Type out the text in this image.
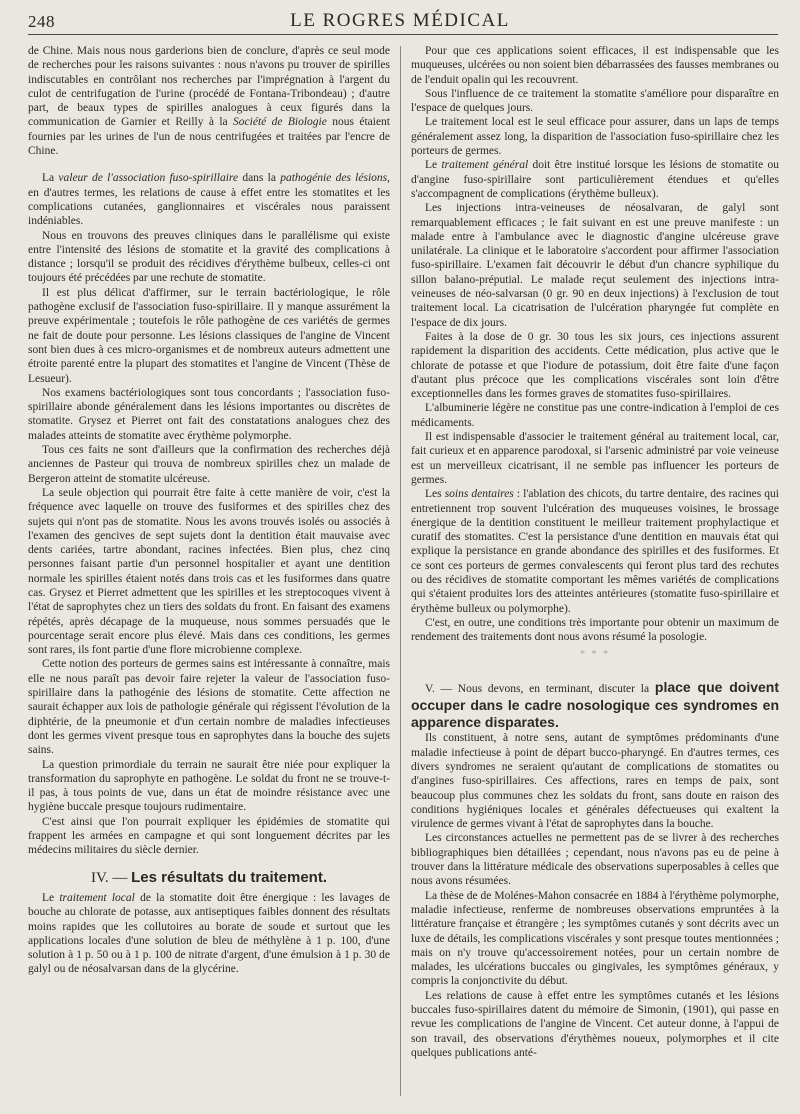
248	LE ROGRES MÉDICAL

de Chine. Mais nous nous garderions bien de conclure, d'après ce seul mode de recherches pour les raisons suivantes : nous n'avons pu trouver de spirilles indiscutables en contrôlant nos recherches par l'imprégnation à l'argent du culot de centrifugation de l'urine (procédé de Fontana-Tribondeau) ; d'autre part, de beaux types de spirilles analogues à ceux figurés dans la communication de Garnier et Reilly à la Société de Biologie nous étaient fournies par les urines de l'un de nous centrifugées et traitées par l'encre de Chine.

La valeur de l'association fuso-spirillaire dans la pathogénie des lésions, en d'autres termes, les relations de cause à effet entre les stomatites et les complications cutanées, ganglionnaires et viscérales nous paraissent indéniables.

Nous en trouvons des preuves cliniques dans le parallélisme qui existe entre l'intensité des lésions de stomatite et la gravité des complications à distance ; lorsqu'il se produit des récidives d'érythème bulbeux, celles-ci ont toujours été précédées par une rechute de stomatite.

Il est plus délicat d'affirmer, sur le terrain bactériologique, le rôle pathogène exclusif de l'association fuso-spirillaire. Il y manque assurément la preuve expérimentale ; toutefois le rôle pathogène de ces variétés de germes ne fait de doute pour personne. Les lésions classiques de l'angine de Vincent sont bien dues à ces micro-organismes et de nombreux auteurs admettent une étroite parenté entre la plupart des stomatites et l'angine de Vincent (Thèse de Lesueur).

Nos examens bactériologiques sont tous concordants ; l'association fuso-spirillaire abonde généralement dans les lésions importantes ou discrètes de stomatite. Grysez et Pierret ont fait des constatations analogues chez des malades atteints de stomatite avec érythème polymorphe.

Tous ces faits ne sont d'ailleurs que la confirmation des recherches déjà anciennes de Pasteur qui trouva de nombreux spirilles chez un malade de Bergeron atteint de stomatite ulcéreuse.

La seule objection qui pourrait être faite à cette manière de voir, c'est la fréquence avec laquelle on trouve des fusiformes et des spirilles chez des sujets qui n'ont pas de stomatite. Nous les avons trouvés isolés ou associés à l'examen des gencives de sept sujets dont la dentition était mauvaise avec dents cariées, tartre abondant, racines infectées. Bien plus, chez cinq personnes faisant partie d'un personnel hospitalier et ayant une dentition normale les spirilles étaient notés dans trois cas et les fusiformes dans quatre cas. Grysez et Pierret admettent que les spirilles et les streptocoques vivent à l'état de saprophytes chez un tiers des soldats du front. En faisant des examens répétés, après décapage de la muqueuse, nous sommes persuadés que le pourcentage serait encore plus élevé. Mais dans ces conditions, les germes sont rares, ils font partie d'une flore microbienne complexe.

Cette notion des porteurs de germes sains est intéressante à connaître, mais elle ne nous paraît pas devoir faire rejeter la valeur de l'association fuso-spirillaire dans la pathogénie des lésions de stomatite. Cette affection ne saurait échapper aux lois de pathologie générale qui régissent l'évolution de la diphtérie, de la pneumonie et d'un certain nombre de maladies infectieuses dont les germes vivent presque tous en saprophytes dans la bouche des sujets sains.

La question primordiale du terrain ne saurait être niée pour expliquer la transformation du saprophyte en pathogène. Le soldat du front ne se trouve-t-il pas, à tous points de vue, dans un état de moindre résistance avec une hygiène buccale presque toujours rudimentaire.

C'est ainsi que l'on pourrait expliquer les épidémies de stomatite qui frappent les armées en campagne et qui sont longuement décrites par les médecins militaires du siècle dernier.

IV. — Les résultats du traitement.

Le traitement local de la stomatite doit être énergique : les lavages de bouche au chlorate de potasse, aux antiseptiques faibles donnent des résultats moins rapides que les collutoires au borate de soude et surtout que les applications locales d'une solution de bleu de méthylène à 1 p. 100, d'une solution à 1 p. 50 ou à 1 p. 100 de nitrate d'argent, d'une émulsion à 1 p. 30 de galyl ou de néosalvarsan dans de la glycérine.

Pour que ces applications soient efficaces, il est indispensable que les muqueuses, ulcérées ou non soient bien débarrassées des fausses membranes ou de l'enduit opalin qui les recouvrent.

Sous l'influence de ce traitement la stomatite s'améliore pour disparaître en l'espace de quelques jours.

Le traitement local est le seul efficace pour assurer, dans un laps de temps généralement assez long, la disparition de l'association fuso-spirillaire chez les porteurs de germes.

Le traitement général doit être institué lorsque les lésions de stomatite ou d'angine fuso-spirillaire sont particulièrement étendues et qu'elles s'accompagnent de complications (érythème bulleux).

Les injections intra-veineuses de néosalvaran, de galyl sont remarquablement efficaces ; le fait suivant en est une preuve manifeste : un malade entre à l'ambulance avec le diagnostic d'angine ulcéreuse grave unilatérale. La clinique et le laboratoire s'accordent pour affirmer l'association fuso-spirillaire. L'examen fait découvrir le début d'un chancre syphilique du sillon balano-préputial. Le malade reçut seulement des injections intra-veineuses de néo-salvarsan (0 gr. 90 en deux injections) à l'exclusion de tout traitement local. La cicatrisation de l'ulcération pharyngée fut complète en l'espace de dix jours.

Faites à la dose de 0 gr. 30 tous les six jours, ces injections assurent rapidement la disparition des accidents. Cette médication, plus active que le chlorate de potasse et que l'iodure de potassium, doit être faite d'une façon d'autant plus précoce que les complications viscérales sont loin d'être exceptionnelles dans les formes graves de stomatites fuso-spirillaires.

L'albuminerie légère ne constitue pas une contre-indication à l'emploi de ces médicaments.

Il est indispensable d'associer le traitement général au traitement local, car, fait curieux et en apparence parodoxal, si l'arsenic administré par voie veineuse est un merveilleux cicatrisant, il ne semble pas influencer les porteurs de germes.

Les soins dentaires : l'ablation des chicots, du tartre dentaire, des racines qui entretiennent trop souvent l'ulcération des muqueuses voisines, le brossage énergique de la dentition constituent le meilleur traitement prophylactique et curatif des stomatites. C'est la persistance d'une dentition en mauvais état qui explique la persistance en grande abondance des spirilles et des fusiformes. Et ce sont ces porteurs de germes convalescents qui feront plus tard des rechutes ou des récidives de stomatite comportant les mêmes variétés de complications qui s'étaient produites lors des atteintes antérieures (stomatite fuso-spirillaire et érythème bulleux ou polymorphe).

C'est, en outre, une conditions très importante pour obtenir un maximum de rendement des traitements dont nous avons résumé la posologie.

* * *

V. — Nous devons, en terminant, discuter la place que doivent occuper dans le cadre nosologique ces syndromes en apparence disparates.

Ils constituent, à notre sens, autant de symptômes prédominants d'une maladie infectieuse à point de départ bucco-pharyngé. En d'autres termes, ces divers syndromes ne seraient qu'autant de complications de stomatites ou d'angines fuso-spirillaires. Ces affections, rares en temps de paix, sont beaucoup plus communes chez les soldats du front, sans doute en raison des conditions hygiéniques locales et générales défectueuses qui exaltent la virulence de germes vivant à l'état de saprophytes dans la bouche.

Les circonstances actuelles ne permettent pas de se livrer à des recherches bibliographiques bien détaillées ; cependant, nous n'avons pas eu de peine à trouver dans la littérature médicale des observations superposables à celles que nous avons résumées.

La thèse de de Molénes-Mahon consacrée en 1884 à l'érythème polymorphe, maladie infectieuse, renferme de nombreuses observations empruntées à la littérature française et étrangère ; les symptômes cutanés y sont décrits avec un luxe de détails, les complications viscérales y sont presque toutes mentionnées ; mais on n'y trouve qu'accessoirement notées, pour un certain nombre de malades, les ulcérations buccales ou gingivales, les symptômes généraux, y compris la conjonctivite du début.

Les relations de cause à effet entre les symptômes cutanés et les lésions buccales fuso-spirillaires datent du mémoire de Simonin, (1901), qui passe en revue les complications de l'angine de Vincent. Cet auteur donne, à l'appui de son travail, des observations d'érythèmes noueux, polymorphes et il cite quelques publications anté-
